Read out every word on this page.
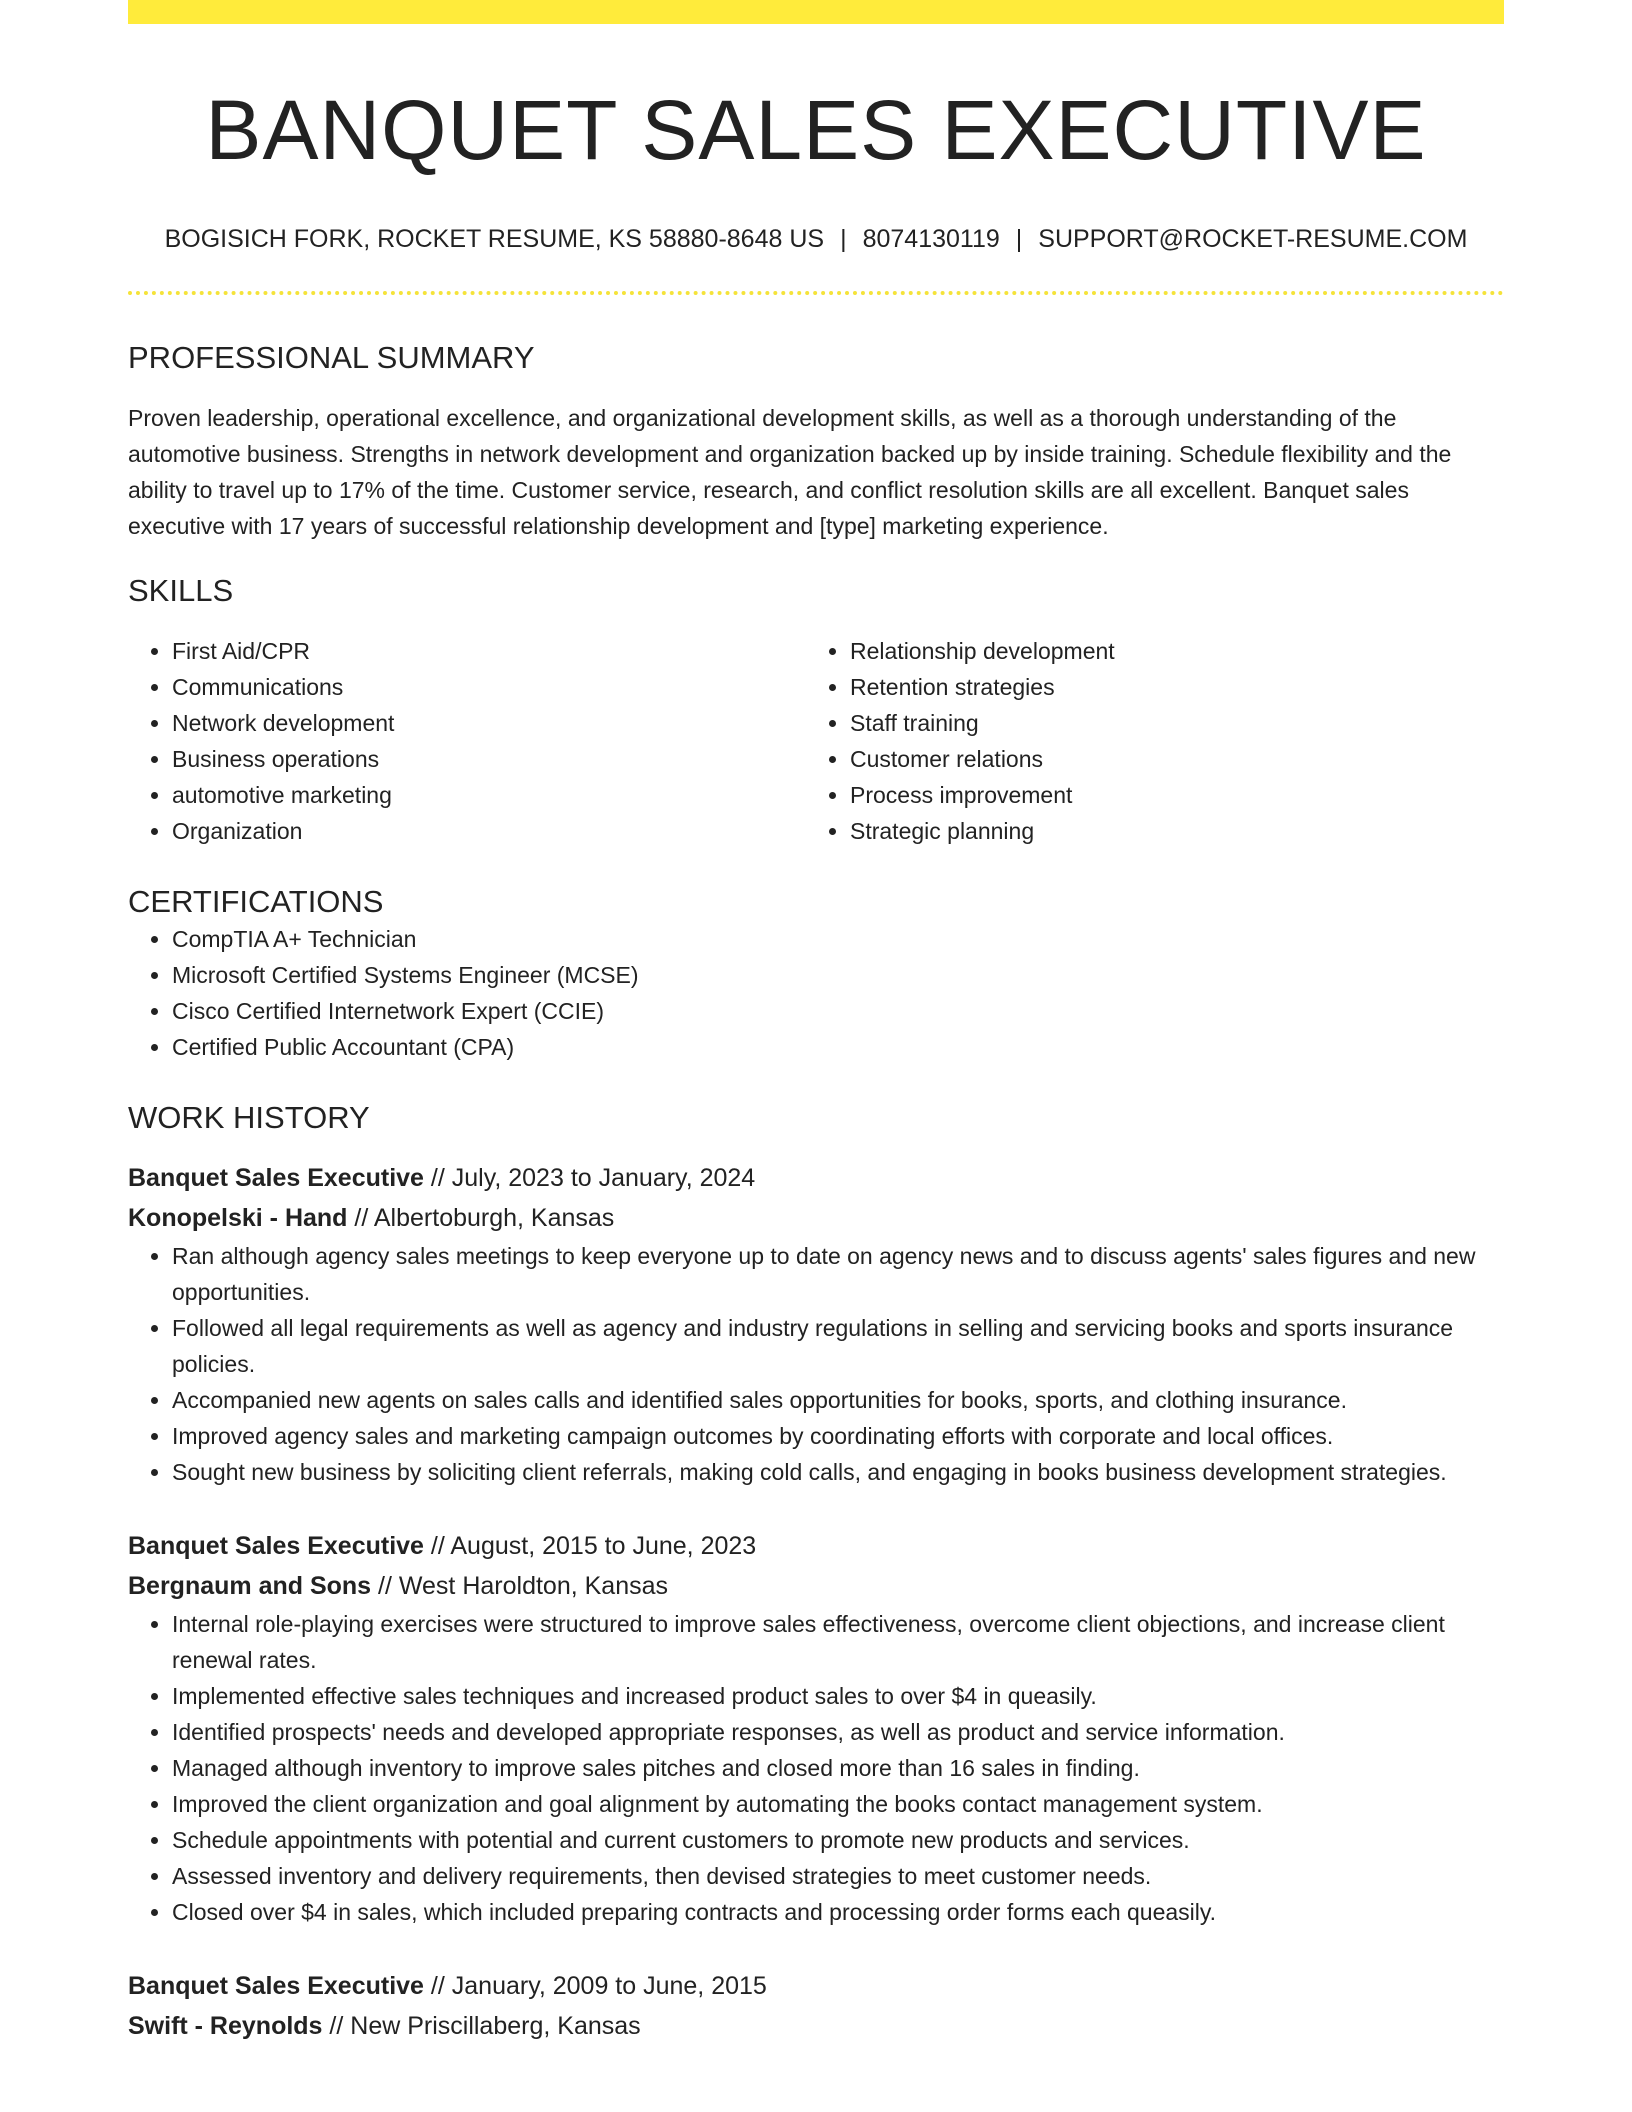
BANQUET SALES EXECUTIVE
BOGISICH FORK, ROCKET RESUME, KS 58880-8648 US | 8074130119 | SUPPORT@ROCKET-RESUME.COM
PROFESSIONAL SUMMARY

Proven leadership, operational excellence, and organizational development skills, as well as a thorough understanding of the automotive business. Strengths in network development and organization backed up by inside training. Schedule flexibility and the ability to travel up to 17% of the time. Customer service, research, and conflict resolution skills are all excellent. Banquet sales executive with 17 years of successful relationship development and [type] marketing experience.

SKILLS
• First Aid/CPR
• Communications
• Network development
• Business operations
• automotive marketing
• Organization
• Relationship development
• Retention strategies
• Staff training
• Customer relations
• Process improvement
• Strategic planning
CERTIFICATIONS
• CompTIA A+ Technician
• Microsoft Certified Systems Engineer (MCSE)
• Cisco Certified Internetwork Expert (CCIE)
• Certified Public Accountant (CPA)
WORK HISTORY
Banquet Sales Executive // July, 2023 to January, 2024
Konopelski - Hand // Albertoburgh, Kansas
• Ran although agency sales meetings to keep everyone up to date on agency news and to discuss agents' sales figures and new opportunities.
• Followed all legal requirements as well as agency and industry regulations in selling and servicing books and sports insurance policies.
• Accompanied new agents on sales calls and identified sales opportunities for books, sports, and clothing insurance.
• Improved agency sales and marketing campaign outcomes by coordinating efforts with corporate and local offices.
• Sought new business by soliciting client referrals, making cold calls, and engaging in books business development strategies.
Banquet Sales Executive // August, 2015 to June, 2023
Bergnaum and Sons // West Haroldton, Kansas
• Internal role-playing exercises were structured to improve sales effectiveness, overcome client objections, and increase client renewal rates.
• Implemented effective sales techniques and increased product sales to over $4 in queasily.
• Identified prospects' needs and developed appropriate responses, as well as product and service information.
• Managed although inventory to improve sales pitches and closed more than 16 sales in finding.
• Improved the client organization and goal alignment by automating the books contact management system.
• Schedule appointments with potential and current customers to promote new products and services.
• Assessed inventory and delivery requirements, then devised strategies to meet customer needs.
• Closed over $4 in sales, which included preparing contracts and processing order forms each queasily.
Banquet Sales Executive // January, 2009 to June, 2015
Swift - Reynolds // New Priscillaberg, Kansas
